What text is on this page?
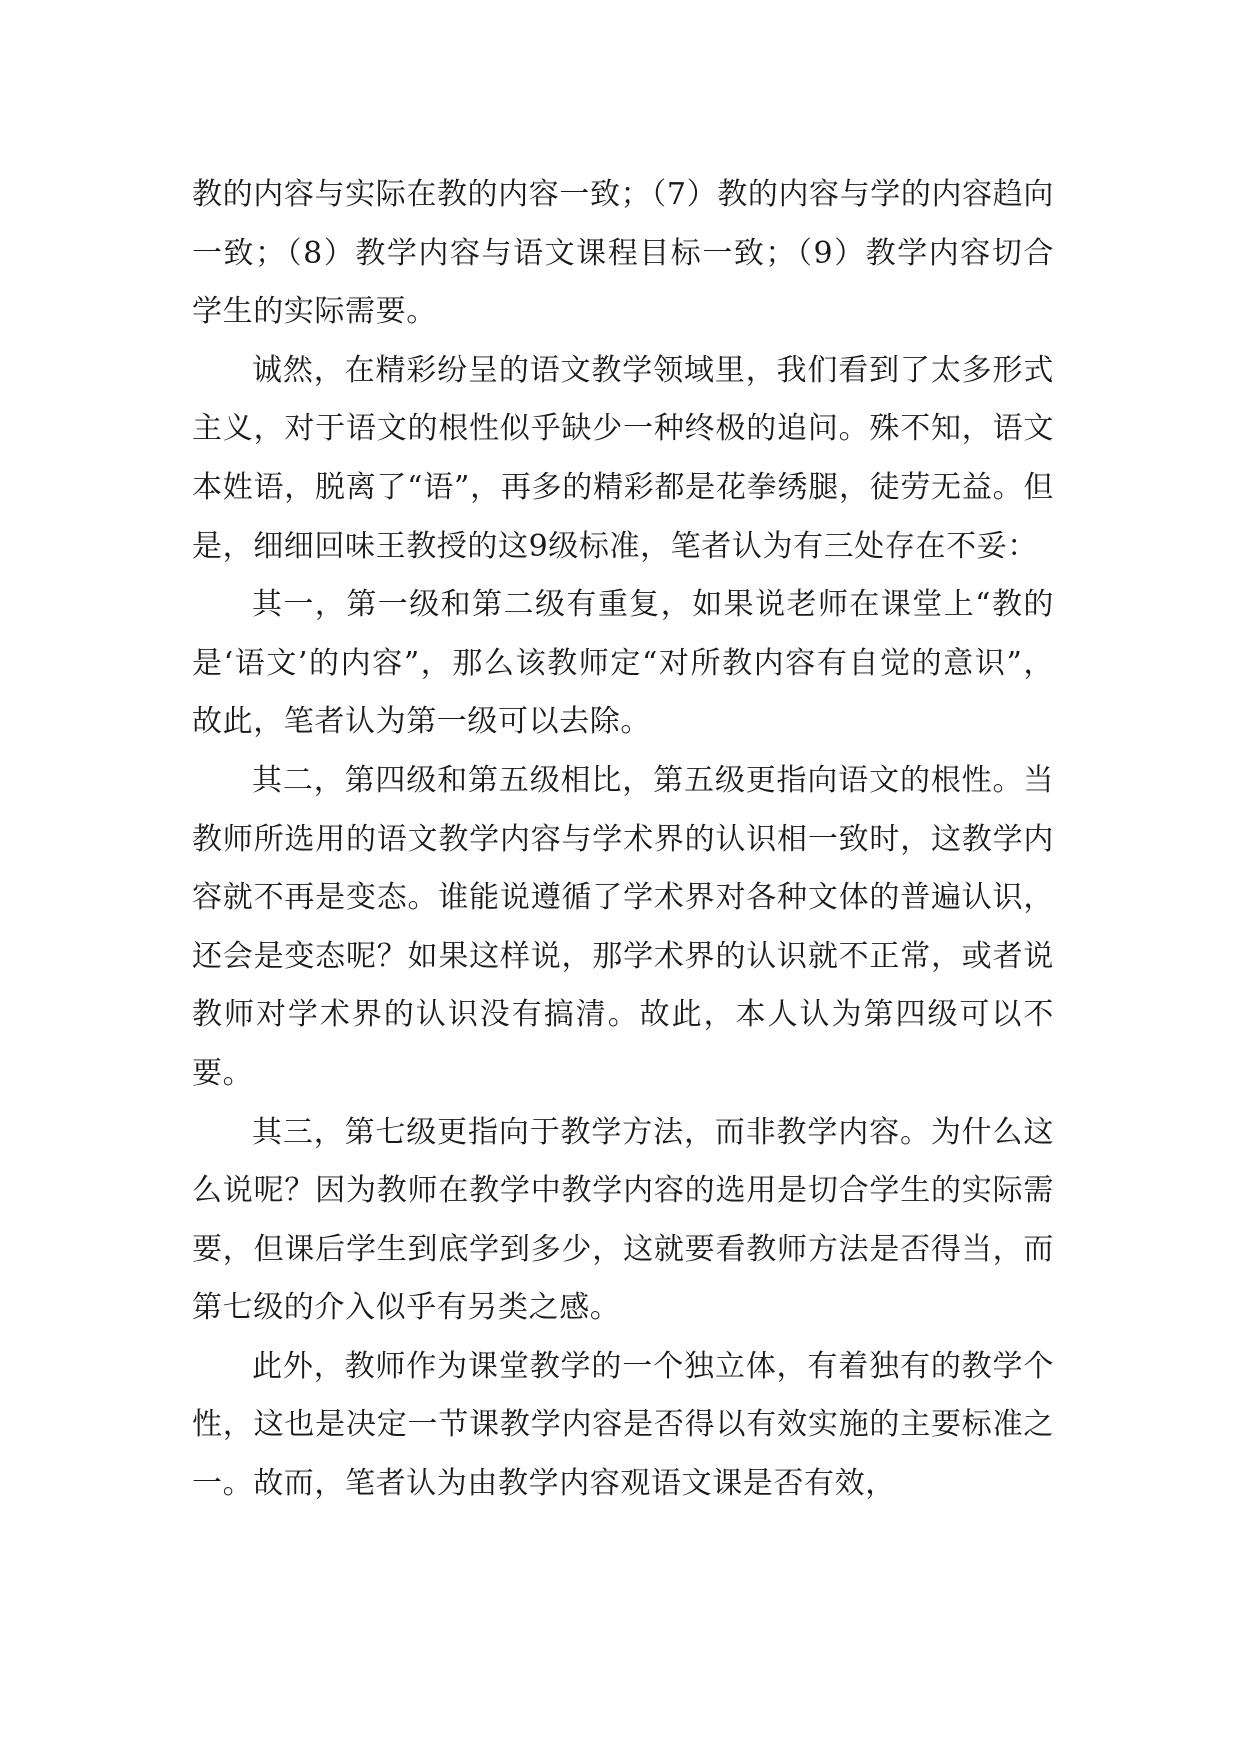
教的内容与实际在教的内容一致；（7）教的内容与学的内容趋向一致；（8）教学内容与语文课程目标一致；（9）教学内容切合学生的实际需要。

诚然，在精彩纷呈的语文教学领域里，我们看到了太多形式主义，对于语文的根性似乎缺少一种终极的追问。殊不知，语文本姓语，脱离了“语”，再多的精彩都是花拳绣腿，徒劳无益。但是，细细回味王教授的这9级标准，笔者认为有三处存在不妥：

其一，第一级和第二级有重复，如果说老师在课堂上“教的是‘语文’的内容”，那么该教师定“对所教内容有自觉的意识”，故此，笔者认为第一级可以去除。

其二，第四级和第五级相比，第五级更指向语文的根性。当教师所选用的语文教学内容与学术界的认识相一致时，这教学内容就不再是变态。谁能说遵循了学术界对各种文体的普遍认识，还会是变态呢？如果这样说，那学术界的认识就不正常，或者说教师对学术界的认识没有搞清。故此，本人认为第四级可以不要。

其三，第七级更指向于教学方法，而非教学内容。为什么这么说呢？因为教师在教学中教学内容的选用是切合学生的实际需要，但课后学生到底学到多少，这就要看教师方法是否得当，而第七级的介入似乎有另类之感。

此外，教师作为课堂教学的一个独立体，有着独有的教学个性，这也是决定一节课教学内容是否得以有效实施的主要标准之一。故而，笔者认为由教学内容观语文课是否有效，
